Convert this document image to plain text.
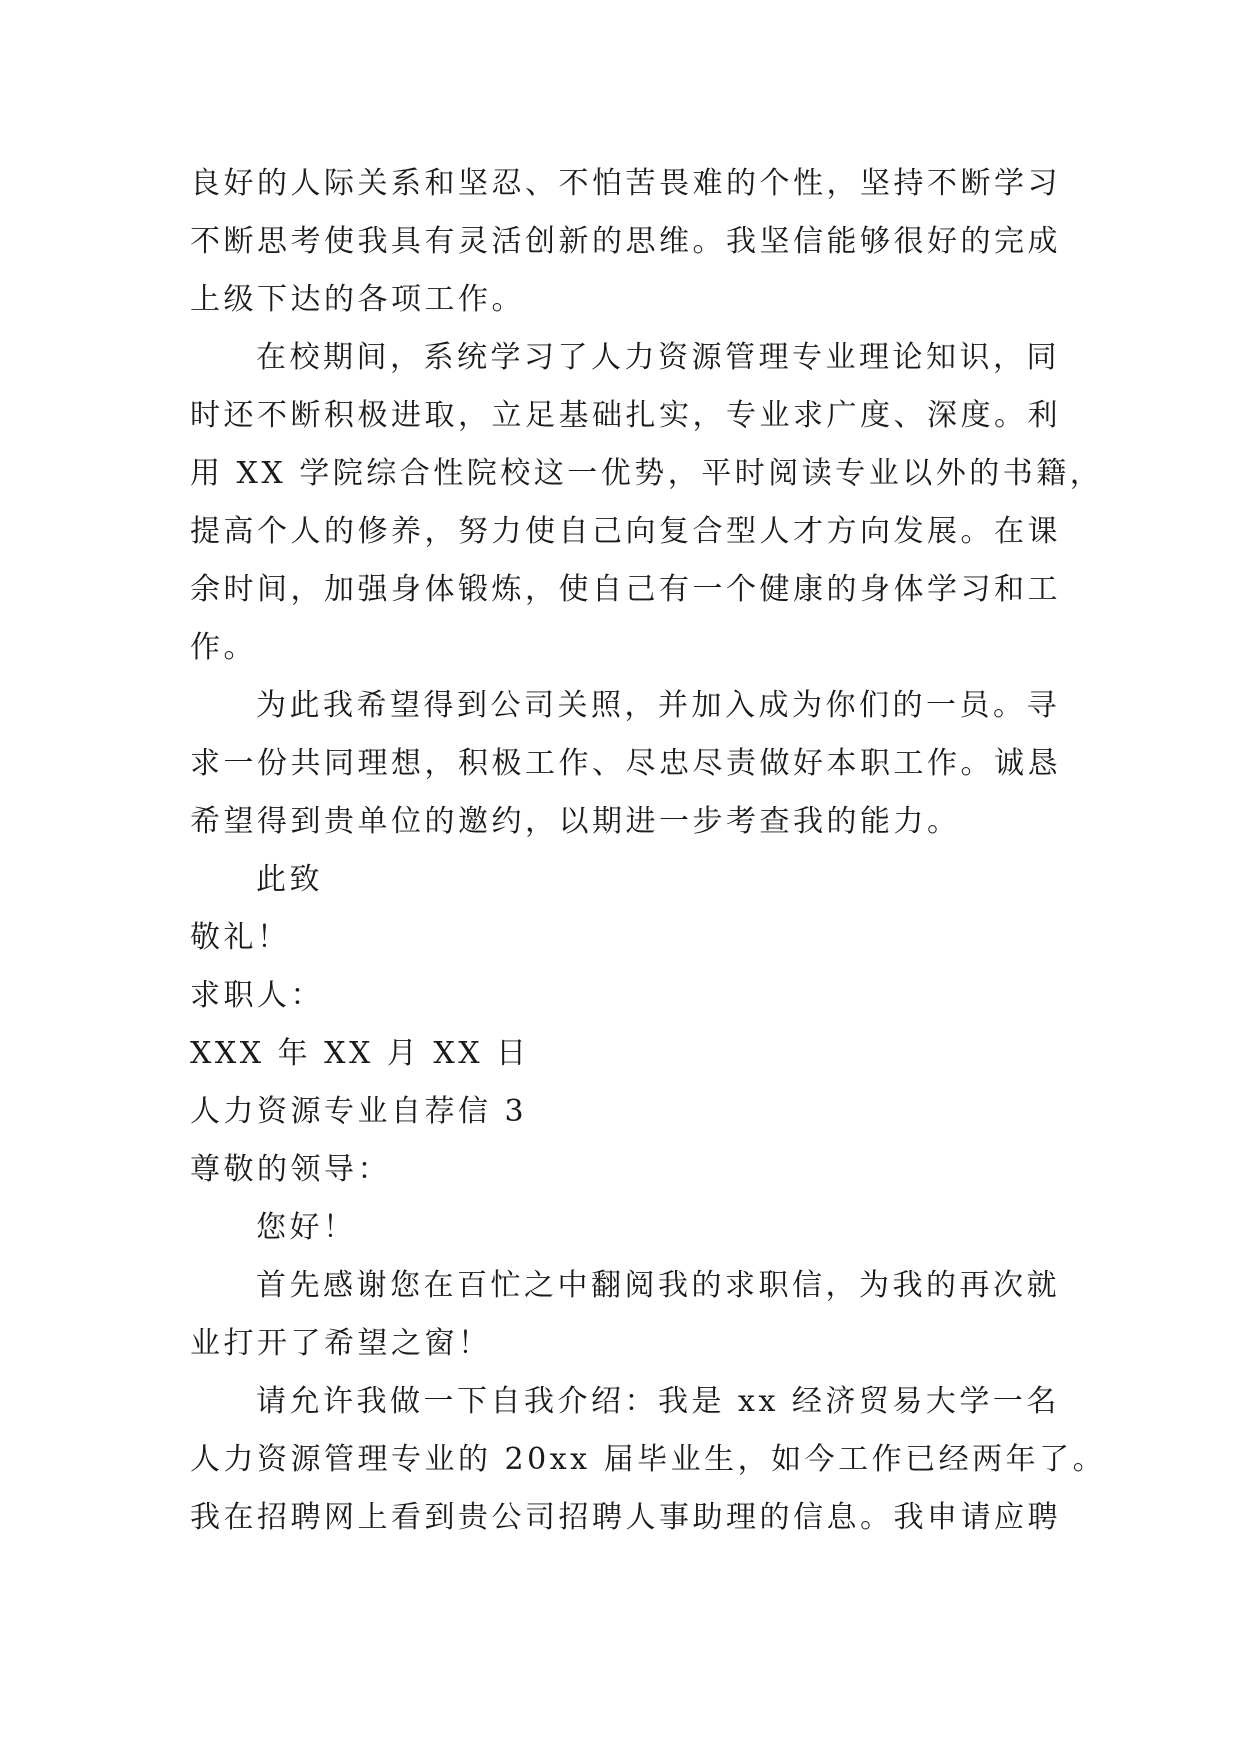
良好的人际关系和坚忍、不怕苦畏难的个性，坚持不断学习
不断思考使我具有灵活创新的思维。我坚信能够很好的完成
上级下达的各项工作。
在校期间，系统学习了人力资源管理专业理论知识，同
时还不断积极进取，立足基础扎实，专业求广度、深度。利
用 XX 学院综合性院校这一优势，平时阅读专业以外的书籍，
提高个人的修养，努力使自己向复合型人才方向发展。在课
余时间，加强身体锻炼，使自己有一个健康的身体学习和工
作。
为此我希望得到公司关照，并加入成为你们的一员。寻
求一份共同理想，积极工作、尽忠尽责做好本职工作。诚恳
希望得到贵单位的邀约，以期进一步考查我的能力。
此致
敬礼！
求职人：
XXX 年 XX 月 XX 日
人力资源专业自荐信 3
尊敬的领导：
您好！
首先感谢您在百忙之中翻阅我的求职信，为我的再次就
业打开了希望之窗！
请允许我做一下自我介绍：我是 xx 经济贸易大学一名
人力资源管理专业的 20xx 届毕业生，如今工作已经两年了。
我在招聘网上看到贵公司招聘人事助理的信息。我申请应聘
